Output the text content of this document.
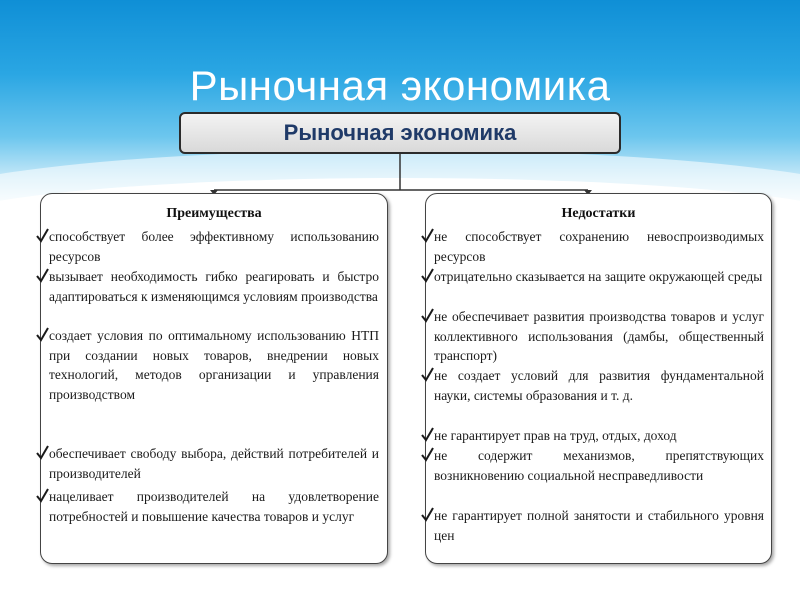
Рыночная экономика
Рыночная экономика
Преимущества
способствует более эффективному использованию ресурсов
вызывает необходимость гибко реагировать и быстро адаптироваться к изменяющимся условиям производства
создает условия по оптимальному использованию НТП при создании новых товаров, внедрении новых технологий, методов организации и управления производством
обеспечивает свободу выбора, действий потребителей и производителей
нацеливает производителей на удовлетворение потребностей и повышение качества товаров и услуг
Недостатки
не способствует сохранению невоспроизводимых ресурсов
отрицательно сказывается на защите окружающей среды
не обеспечивает развития производства товаров и услуг коллективного использования (дамбы, общественный транспорт)
не создает условий для развития фундаментальной науки, системы образования и т. д.
не гарантирует прав на труд, отдых, доход
не содержит механизмов, препятствующих возникновению социальной несправедливости
не гарантирует полной занятости и стабильного уровня цен
